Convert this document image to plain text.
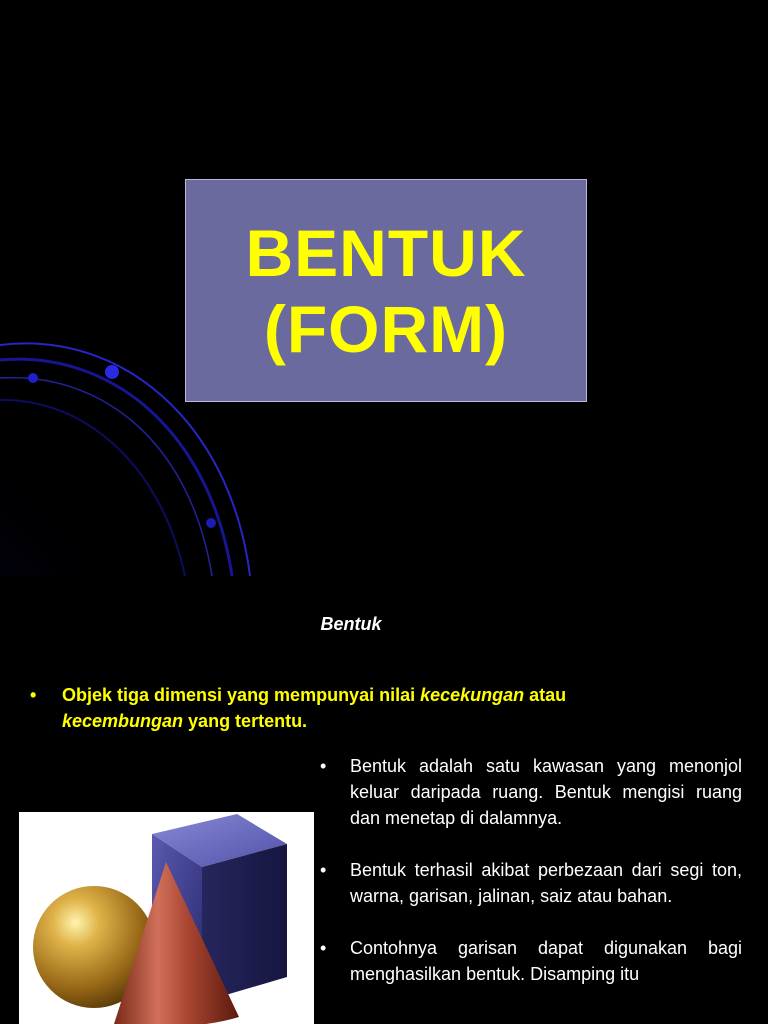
BENTUK
(FORM)
Bentuk
•	Objek tiga dimensi yang mempunyai nilai kecekungan atau kecembungan yang tertentu.
• Bentuk adalah satu kawasan yang menonjol keluar daripada ruang. Bentuk mengisi ruang dan menetap di dalamnya.
• Bentuk terhasil akibat perbezaan dari segi ton, warna, garisan, jalinan, saiz atau bahan.
• Contohnya garisan dapat digunakan bagi menghasilkan bentuk. Disamping itu
